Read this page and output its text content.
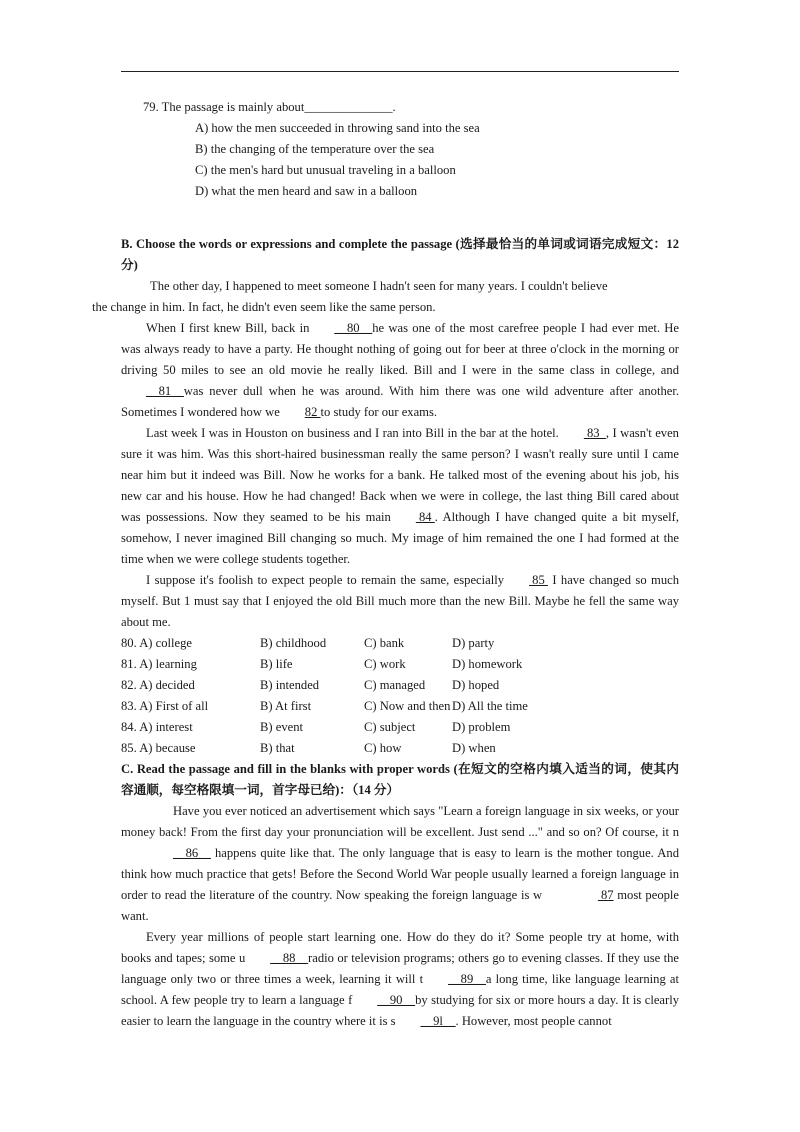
79. The passage is mainly about______________.
A) how the men succeeded in throwing sand into the sea
B) the changing of the temperature over the sea
C) the men's hard but unusual traveling in a balloon
D) what the men heard and saw in a balloon
B. Choose the words or expressions and complete the passage (选择最恰当的单词或词语完成短文：12 分)

The other day, I happened to meet someone I hadn't seen for many years. I couldn't believe
the change in him. In fact, he didn't even seem like the same person.

When I first knew Bill, back in __80__he was one of the most carefree people I had ever met. He was always ready to have a party. He thought nothing of going out for beer at three o'clock in the morning or driving 50 miles to see an old movie he really liked. Bill and I were in the same class in college, and__81__was never dull when he was around. With him there was one wild adventure after another. Sometimes I wondered how we 82 to study for our exams.

Last week I was in Houston on business and I ran into Bill in the bar at the hotel. 83  , I wasn't even sure it was him. Was this short-haired businessman really the same person? I wasn't really sure until I came near him but it indeed was Bill. Now he works for a bank. He talked most of the evening about his job, his new car and his house. How he had changed! Back when we were in college, the last thing Bill cared about was possessions. Now they seamed to be his main 84 . Although I have changed quite a bit myself, somehow, I never imagined Bill changing so much. My image of him remained the one I had formed at the time when we were college students together.

I suppose it's foolish to expect people to remain the same, especially 85  I have changed so much myself. But 1 must say that I enjoyed the old Bill much more than the new Bill. Maybe he fell the same way about me.

80. A) college	B) childhood	C) bank	D) party
81. A) learning	B) life	C) work	D) homework
82. A) decided	B) intended	C) managed	D) hoped
83. A) First of all	B) At first	C) Now and then D) All the time
84. A) interest	B) event	C) subject	D) problem
85. A) because	B) that	C) how	D) when
C. Read the passage and fill in the blanks with proper words (在短文的空格内填入适当的词，使其内容通顺，每空格限填一词，首字母已给)：（14 分）

Have you ever noticed an advertisement which says "Learn a foreign language in six weeks, or your money back! From the first day your pronunciation will be excellent. Just send ..." and so on? Of course, it n__86__ happens quite like that. The only language that is easy to learn is the mother tongue. And think how much practice that gets! Before the Second World War people usually learned a foreign language in order to read the literature of the country. Now speaking the foreign language is w	87 most people want.

Every year millions of people start learning one. How do they do it? Some people try at home, with books and tapes; some u __88__radio or television programs; others go to evening classes. If they use the language only two or three times a week, learning it will t __89__a long time, like language learning at school. A few people try to learn a language f __90__by studying for six or more hours a day. It is clearly easier to learn the language in the country where it is s __9l__. However, most people cannot
